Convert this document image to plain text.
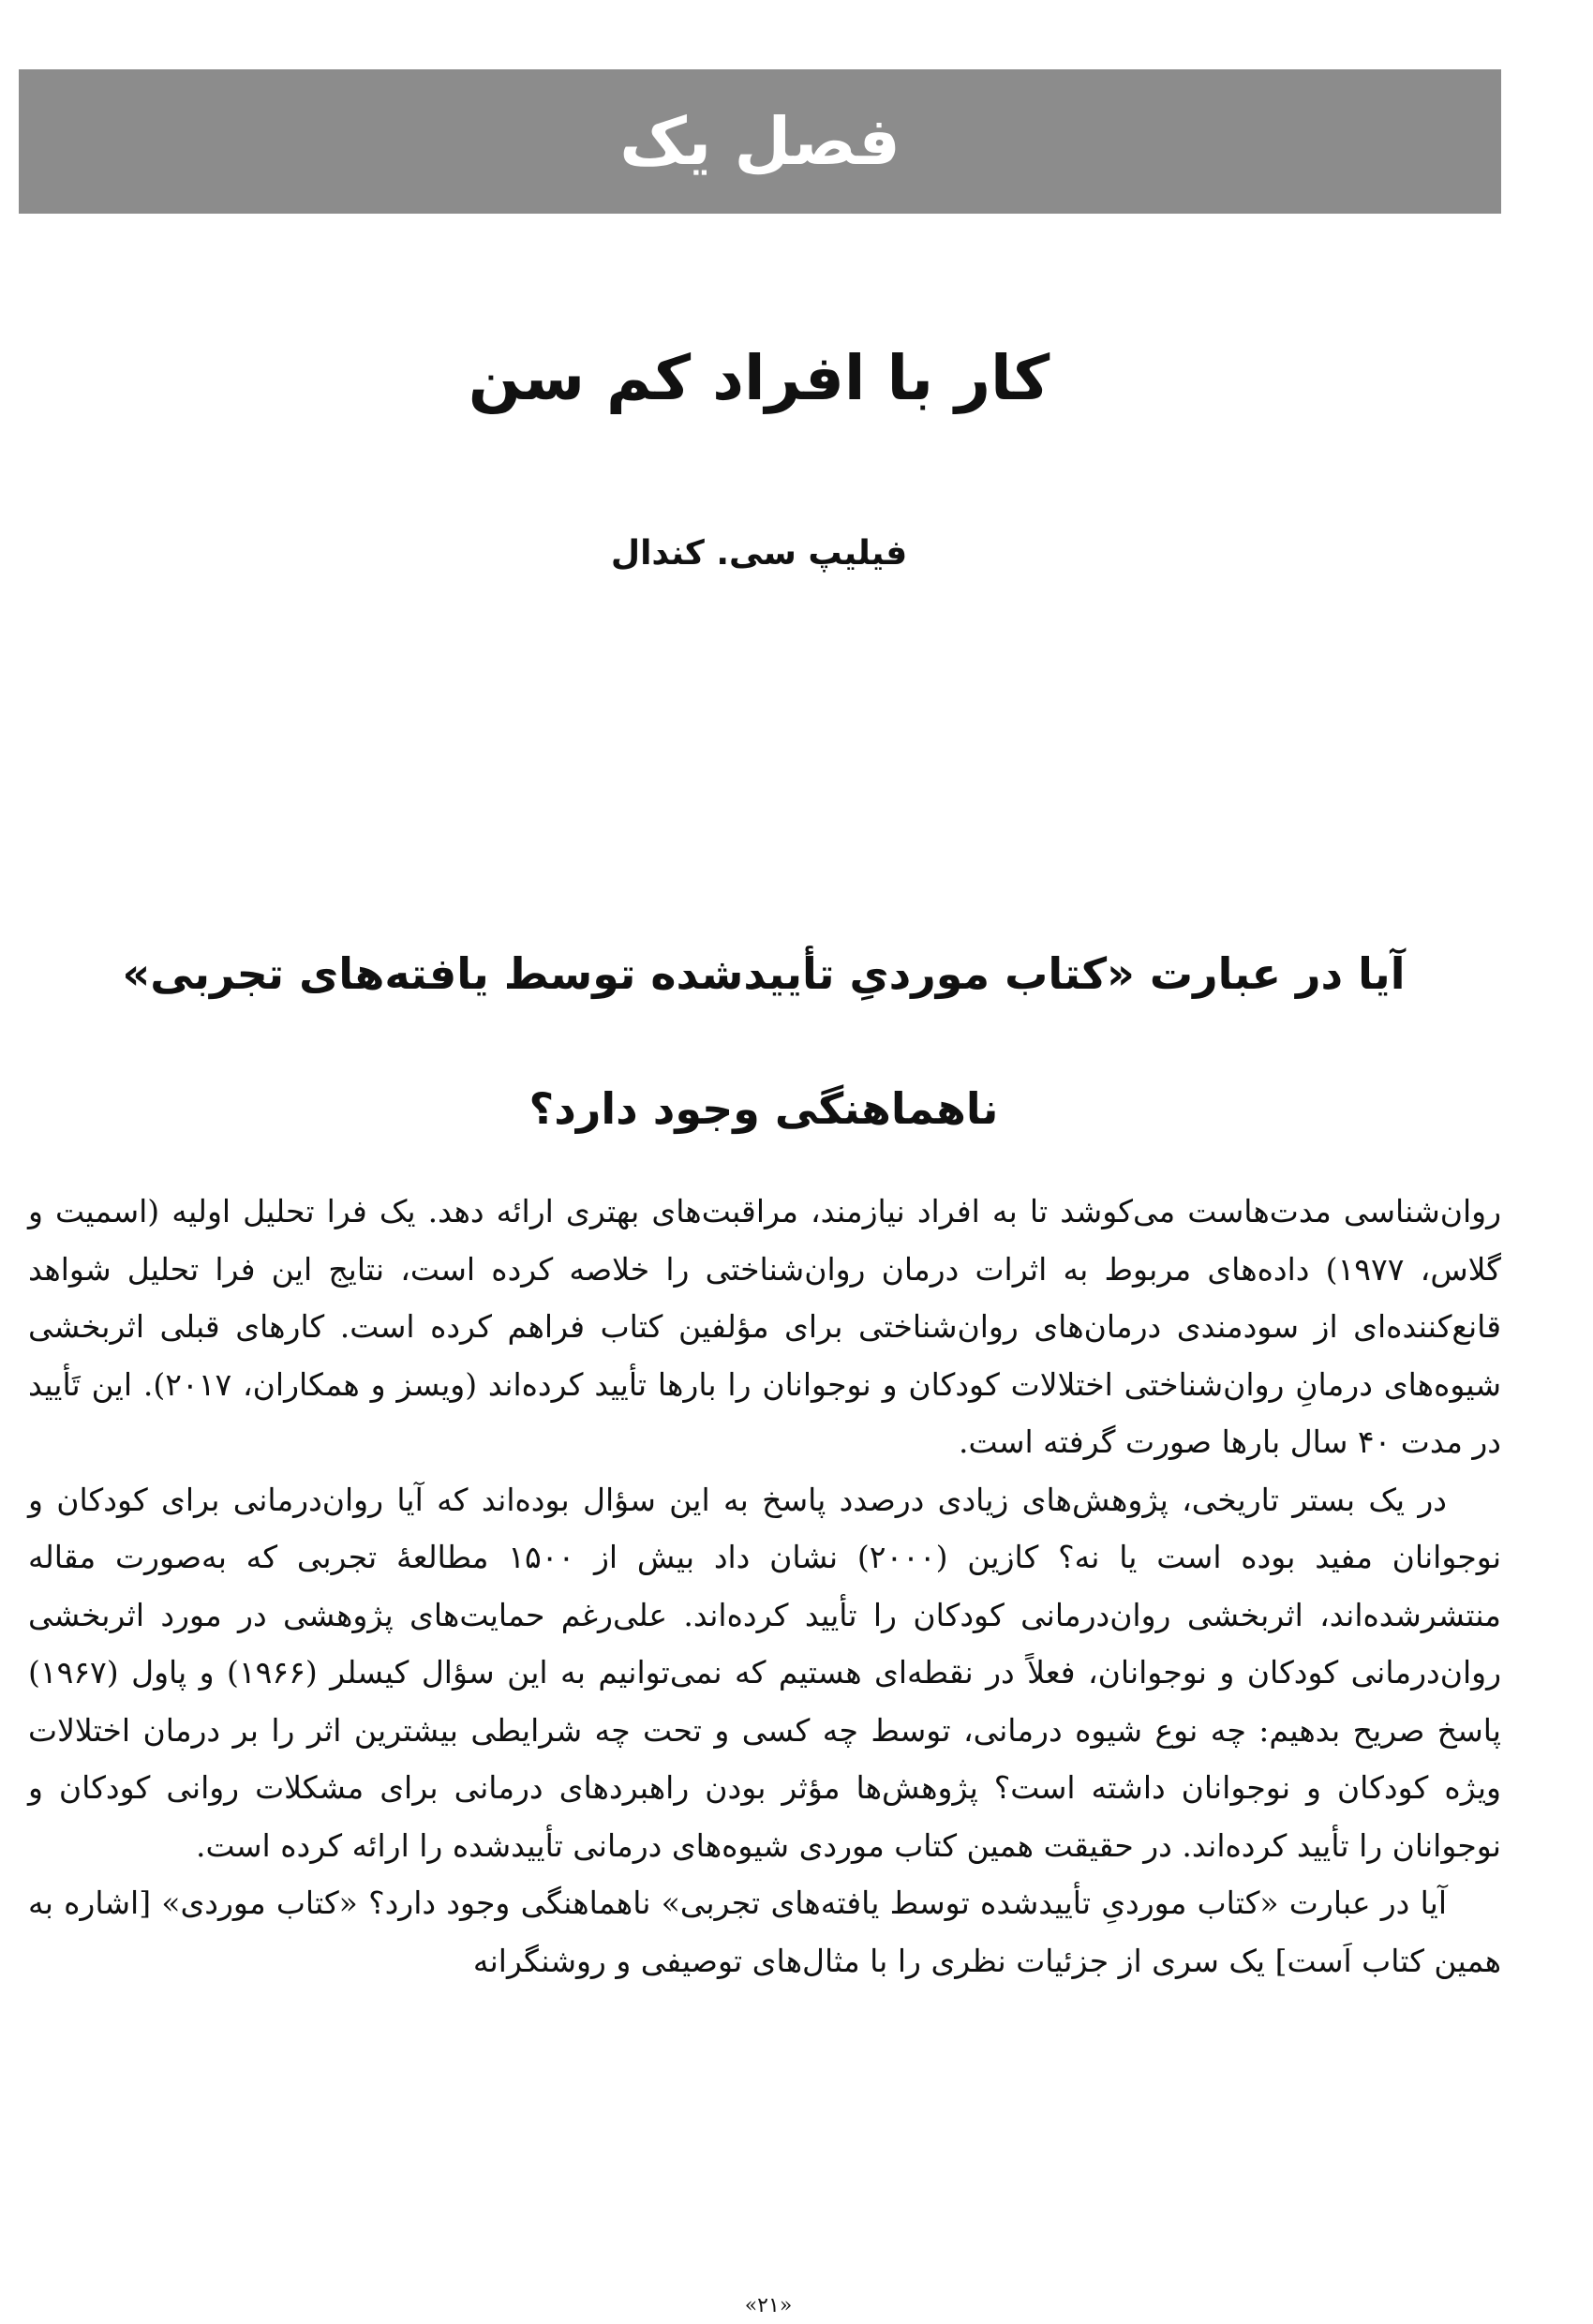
فصل یک
کار با افراد کم سن
فیلیپ سی. کندال
آیا در عبارت «کتاب موردیِ تأییدشده توسط یافته‌های تجربی»
ناهماهنگی وجود دارد؟

روان‌شناسی مدت‌هاست می‌کوشد تا به افراد نیازمند، مراقبت‌های بهتری ارائه دهد. یک فرا تحلیل اولیه (اسمیت و گلاس، ۱۹۷۷) داده‌های مربوط به اثرات درمان روان‌شناختی را خلاصه کرده است، نتایج این فرا تحلیل شواهد قانع‌کننده‌ای از سودمندی درمان‌های روان‌شناختی برای مؤلفین کتاب فراهم کرده است. کارهای قبلی اثربخشی شیوه‌های درمانِ روان‌شناختی اختلالات کودکان و نوجوانان را بارها تأیید کرده‌اند (ویسز و همکاران، ۲۰۱۷). این تَأیید در مدت ۴۰ سال بارها صورت گرفته است.

در یک بستر تاریخی، پژوهش‌های زیادی درصدد پاسخ به این سؤال بوده‌اند که آیا روان‌درمانی برای کودکان و نوجوانان مفید بوده است یا نه؟ کازین (۲۰۰۰) نشان داد بیش از ۱۵۰۰ مطالعۀ تجربی که به‌صورت مقاله منتشرشده‌اند، اثربخشی روان‌درمانی کودکان را تأیید کرده‌اند. علی‌رغم حمایت‌های پژوهشی در مورد اثربخشی روان‌درمانی کودکان و نوجوانان، فعلاً در نقطه‌ای هستیم که نمی‌توانیم به این سؤال کیسلر (۱۹۶۶) و پاول (۱۹۶۷) پاسخ صریح بدهیم: چه نوع شیوه درمانی، توسط چه کسی و تحت چه شرایطی بیشترین اثر را بر درمان اختلالات ویژه کودکان و نوجوانان داشته است؟ پژوهش‌ها مؤثر بودن راهبردهای درمانی برای مشکلات روانی کودکان و نوجوانان را تأیید کرده‌اند. در حقیقت همین کتاب موردی شیوه‌های درمانی تأییدشده را ارائه کرده است.

آیا در عبارت «کتاب موردیِ تأییدشده توسط یافته‌های تجربی» ناهماهنگی وجود دارد؟ «کتاب موردی» [اشاره به همین کتاب اَست] یک سری از جزئیات نظری را با مثال‌های توصیفی و روشنگرانه

«۲۱»
